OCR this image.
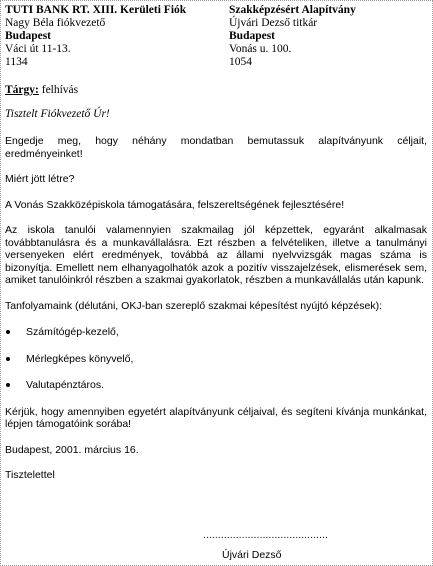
TUTI BANK RT. XIII. Kerületi Fiók
Nagy Béla fiókvezető
Budapest
Váci út 11-13.
1134
Szakképzésért Alapítvány
Újvári Dezső titkár
Budapest
Vonás u. 100.
1054
Tárgy: felhívás
Tisztelt Fiókvezető Úr!

Engedje meg, hogy néhány mondatban bemutassuk alapítványunk céljait, eredményeinket!

Miért jött létre?

A Vonás Szakközépiskola támogatására, felszereltségének fejlesztésére!

Az iskola tanulói valamennyien szakmailag jól képzettek, egyaránt alkalmasak továbbtanulásra és a munkavállalásra. Ezt részben a felvételiken, illetve a tanulmányi versenyeken elért eredmények, továbbá az állami nyelvvizsgák magas száma is bizonyítja. Emellett nem elhanyagolhatók azok a pozitív visszajelzések, elismerések sem, amiket tanulóinkról részben a szakmai gyakorlatok, részben a munkavállalás után kapunk.

Tanfolyamaink (délutáni, OKJ-ban szereplő szakmai képesítést nyújtó képzések):

Számítógép-kezelő,
Mérlegképes könyvelő,
Valutapénztáros.

Kérjük, hogy amennyiben egyetért alapítványunk céljaival, és segíteni kívánja munkánkat, lépjen támogatóink sorába!

Budapest, 2001. március 16.

Tisztelettel

..........................................
Újvári Dezső
